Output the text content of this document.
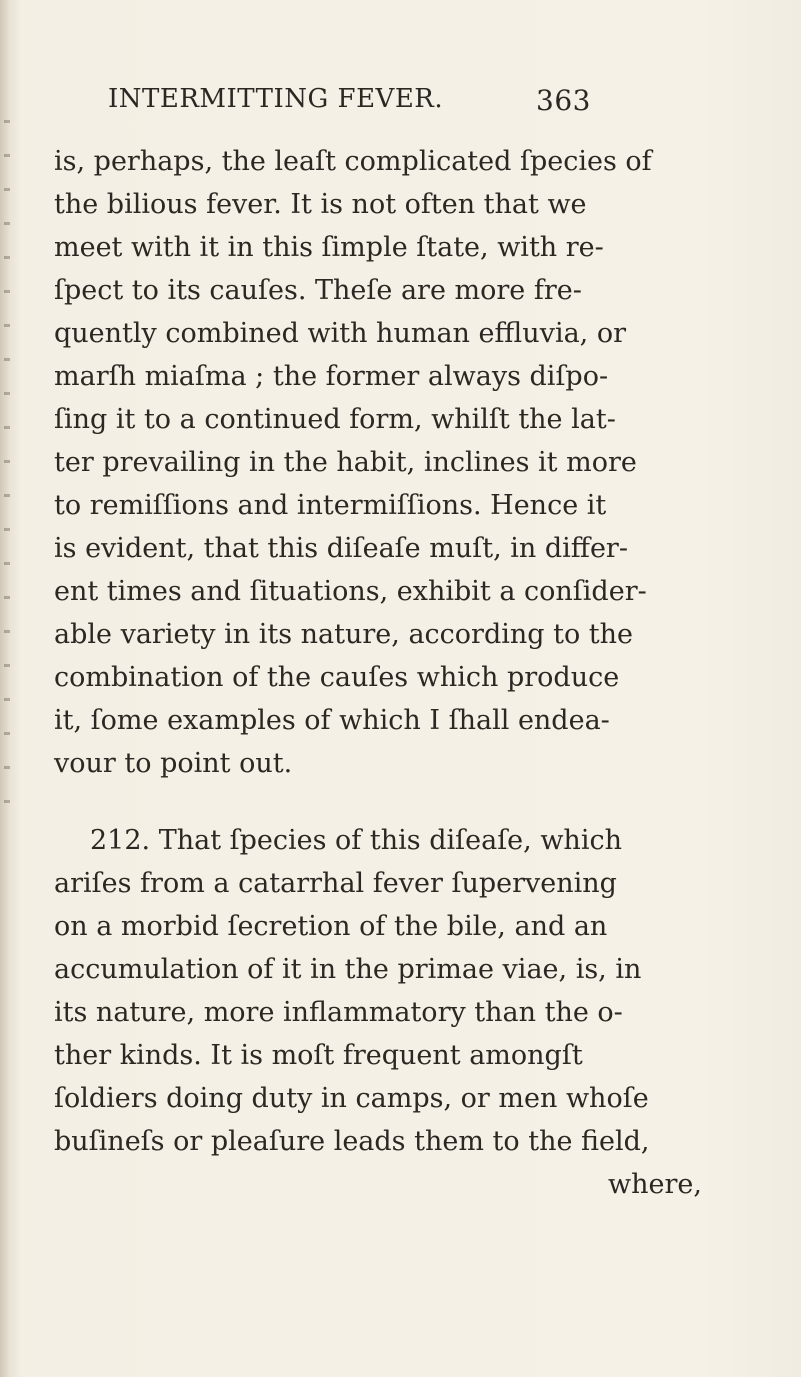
INTERMITTING FEVER.	363
is, perhaps, the leaſt complicated ſpecies of
the bilious fever. It is not often that we
meet with it in this ſimple ſtate, with re-
ſpect to its cauſes. Theſe are more fre-
quently combined with human effluvia, or
marſh miaſma ; the former always diſpo-
ſing it to a continued form, whilſt the lat-
ter prevailing in the habit, inclines it more
to remiſſions and intermiſſions. Hence it
is evident, that this diſeaſe muſt, in differ-
ent times and ſituations, exhibit a conſider-
able variety in its nature, according to the
combination of the cauſes which produce
it, ſome examples of which I ſhall endea-
vour to point out.
212. That ſpecies of this diſeaſe, which
ariſes from a catarrhal fever ſupervening
on a morbid ſecretion of the bile, and an
accumulation of it in the primae viae, is, in
its nature, more inflammatory than the o-
ther kinds. It is moſt frequent amongſt
ſoldiers doing duty in camps, or men whoſe
buſineſs or pleaſure leads them to the field,
where,
